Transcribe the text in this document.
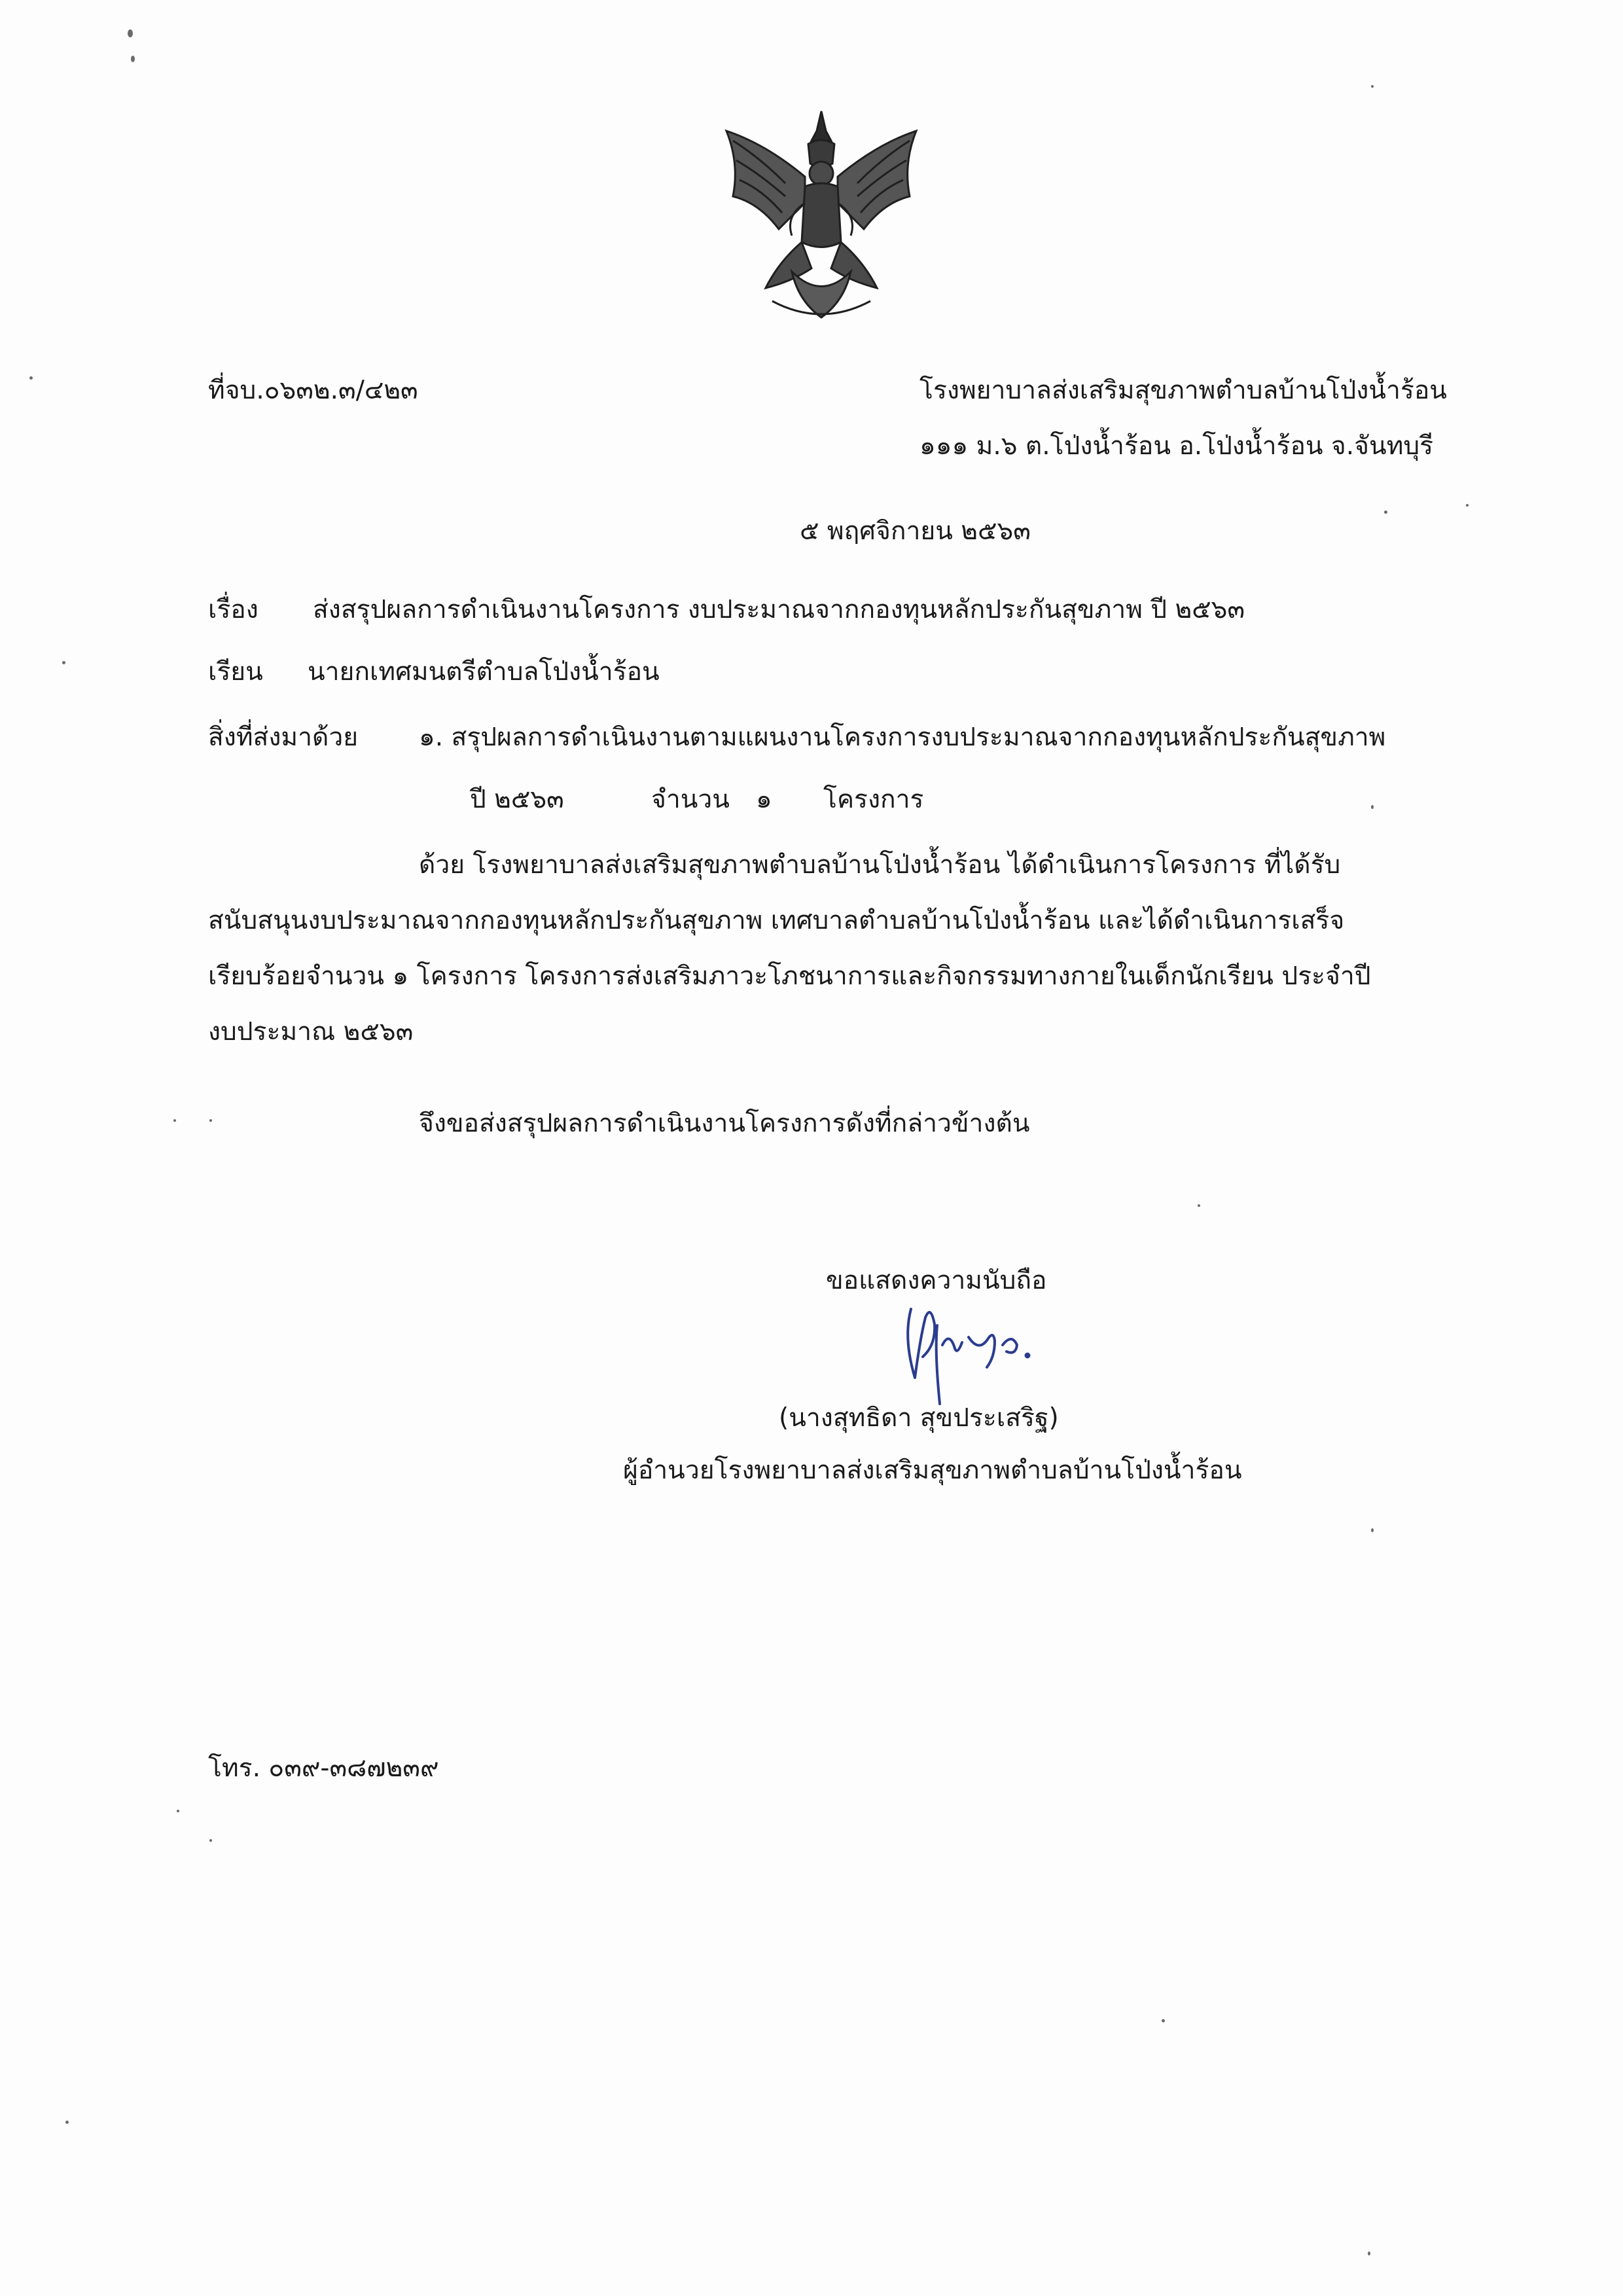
ที่จบ.๐๖๓๒.๓/๔๒๓	โรงพยาบาลส่งเสริมสุขภาพตำบลบ้านโป่งน้ำร้อน
๑๑๑ ม.๖ ต.โป่งน้ำร้อน อ.โป่งน้ำร้อน จ.จันทบุรี
๕ พฤศจิกายน ๒๕๖๓
เรื่อง ส่งสรุปผลการดำเนินงานโครงการ งบประมาณจากกองทุนหลักประกันสุขภาพ ปี ๒๕๖๓
เรียน นายกเทศมนตรีตำบลโป่งน้ำร้อน
สิ่งที่ส่งมาด้วย ๑. สรุปผลการดำเนินงานตามแผนงานโครงการงบประมาณจากกองทุนหลักประกันสุขภาพ
ปี ๒๕๖๓	จำนวน ๑ โครงการ
ด้วย โรงพยาบาลส่งเสริมสุขภาพตำบลบ้านโป่งน้ำร้อน ได้ดำเนินการโครงการ ที่ได้รับ
สนับสนุนงบประมาณจากกองทุนหลักประกันสุขภาพ เทศบาลตำบลบ้านโป่งน้ำร้อน และได้ดำเนินการเสร็จ
เรียบร้อยจำนวน ๑ โครงการ โครงการส่งเสริมภาวะโภชนาการและกิจกรรมทางกายในเด็กนักเรียน ประจำปี
งบประมาณ ๒๕๖๓
จึงขอส่งสรุปผลการดำเนินงานโครงการดังที่กล่าวข้างต้น
ขอแสดงความนับถือ
(นางสุทธิดา สุขประเสริฐ)
ผู้อำนวยโรงพยาบาลส่งเสริมสุขภาพตำบลบ้านโป่งน้ำร้อน
โทร. ๐๓๙-๓๘๗๒๓๙
